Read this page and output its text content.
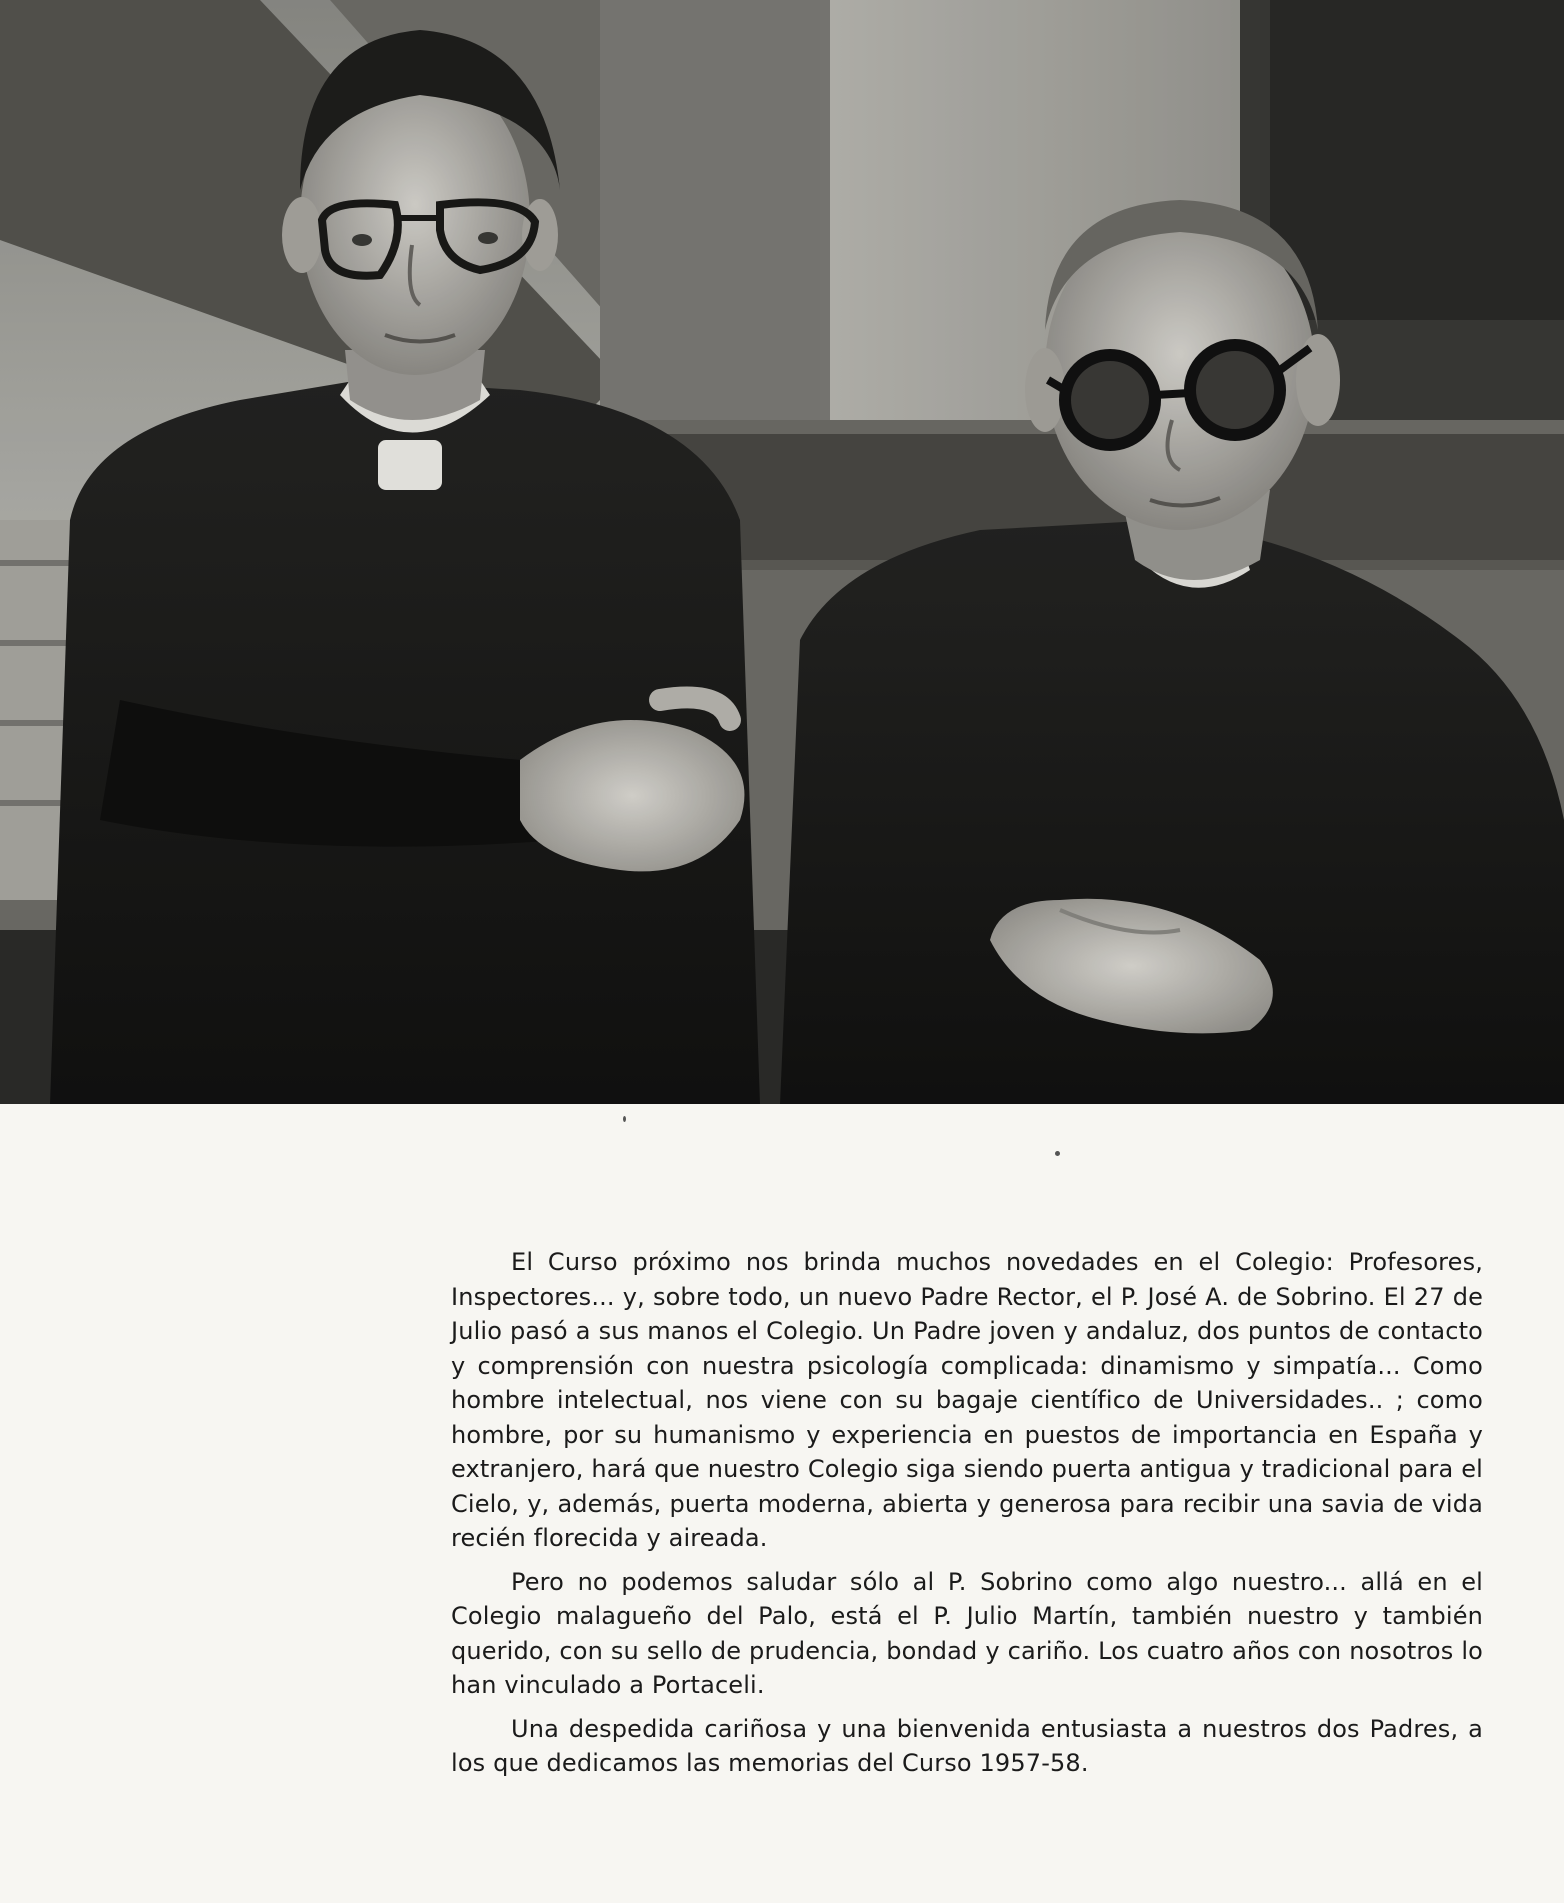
El Curso próximo nos brinda muchos novedades en el Colegio: Profesores, Inspectores... y, sobre todo, un nuevo Padre Rector, el P. José A. de Sobrino. El 27 de Julio pasó a sus manos el Colegio. Un Padre joven y andaluz, dos puntos de contacto y comprensión con nuestra psicología complicada: dinamismo y simpatía... Como hombre intelectual, nos viene con su bagaje científico de Universidades.. ; como hombre, por su humanismo y experiencia en puestos de importancia en España y extranjero, hará que nuestro Colegio siga siendo puerta antigua y tradicional para el Cielo, y, además, puerta moderna, abierta y generosa para recibir una savia de vida recién florecida y aireada.

Pero no podemos saludar sólo al P. Sobrino como algo nuestro... allá en el Colegio malagueño del Palo, está el P. Julio Martín, también nuestro y también querido, con su sello de prudencia, bondad y cariño. Los cuatro años con nosotros lo han vinculado a Portaceli.

Una despedida cariñosa y una bienvenida entusiasta a nuestros dos Padres, a los que dedicamos las memorias del Curso 1957-58.
